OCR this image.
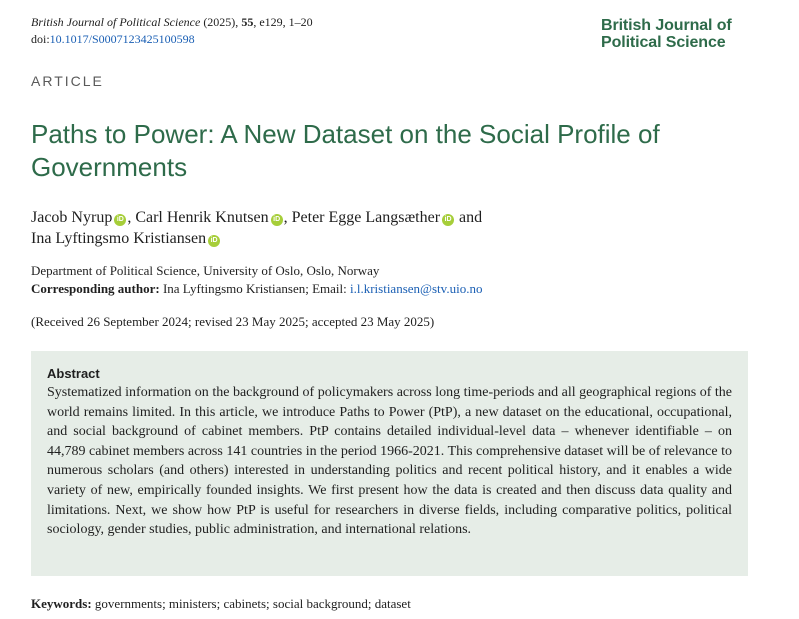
British Journal of Political Science (2025), 55, e129, 1–20
doi:10.1017/S0007123425100598
British Journal of
Political Science
ARTICLE
Paths to Power: A New Dataset on the Social Profile of Governments
Jacob Nyrup iD , Carl Henrik Knutsen iD , Peter Egge Langsæther iD and
Ina Lyftingsmo Kristiansen iD
Department of Political Science, University of Oslo, Oslo, Norway
Corresponding author: Ina Lyftingsmo Kristiansen; Email: i.l.kristiansen@stv.uio.no
(Received 26 September 2024; revised 23 May 2025; accepted 23 May 2025)
Abstract
Systematized information on the background of policymakers across long time-periods and all geographical regions of the world remains limited. In this article, we introduce Paths to Power (PtP), a new dataset on the educational, occupational, and social background of cabinet members. PtP contains detailed individual-level data – whenever identifiable – on 44,789 cabinet members across 141 countries in the period 1966-2021. This comprehensive dataset will be of relevance to numerous scholars (and others) interested in understanding politics and recent political history, and it enables a wide variety of new, empirically founded insights. We first present how the data is created and then discuss data quality and limitations. Next, we show how PtP is useful for researchers in diverse fields, including comparative politics, political sociology, gender studies, public administration, and international relations.
Keywords: governments; ministers; cabinets; social background; dataset
